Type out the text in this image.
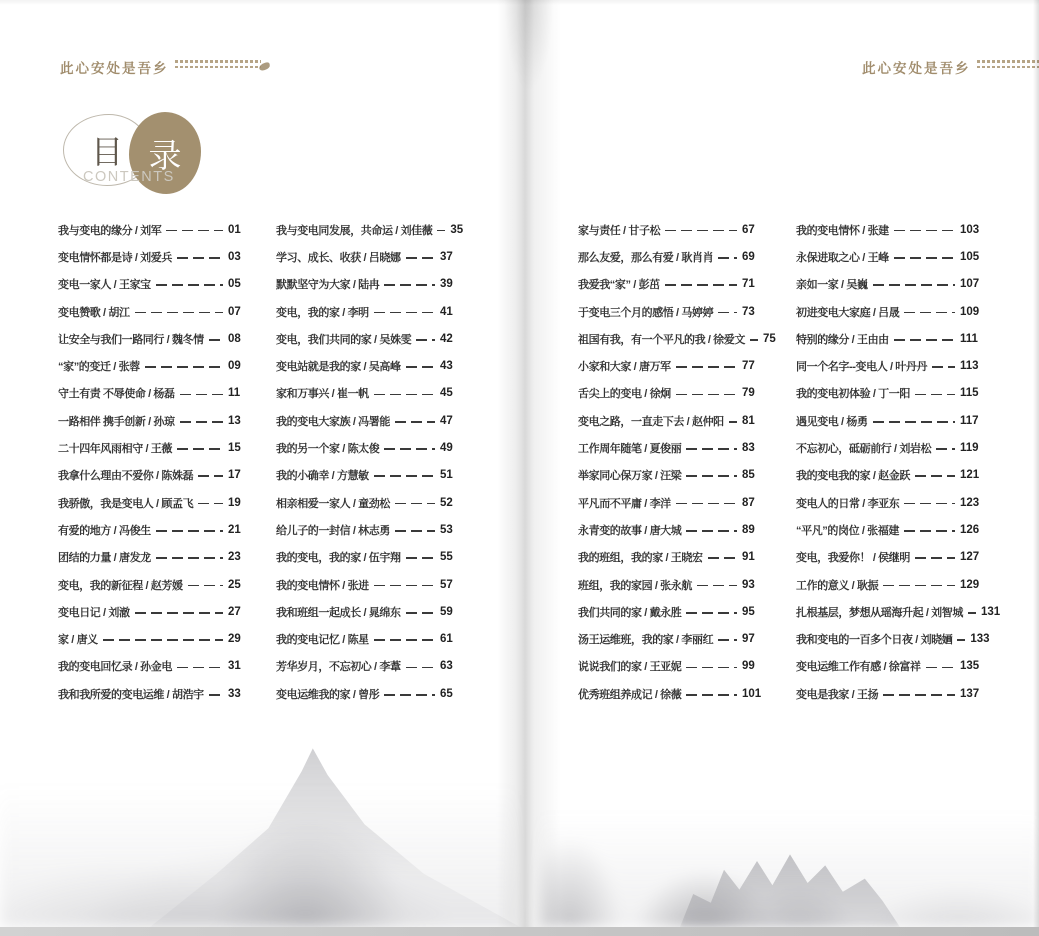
此心安处是吾乡	此心安处是吾乡
目 录
CONTENTS
我与变电的缘分 / 刘军	01
变电情怀都是诗 / 刘爱兵	03
变电一家人 / 王家宝	05
变电赞歌 / 胡江	07
让安全与我们一路同行 / 魏冬情 08
“家”的变迁 / 张蓉	09
守土有责 不辱使命 / 杨磊	11
一路相伴 携手创新 / 孙琼	13
二十四年风雨相守 / 王薇	15
我拿什么理由不爱你 / 陈姝磊	17
我骄傲，我是变电人 / 顾孟飞	19
有爱的地方 / 冯俊生	21
团结的力量 / 唐发龙	23
变电，我的新征程 / 赵芳媛	25
变电日记 / 刘澈	27
家 / 唐义	29
我的变电回忆录 / 孙金电	31
我和我所爱的变电运维 / 胡浩宇 33
我与变电同发展，共命运 / 刘佳薇 35
学习、成长、收获 / 吕晓娜	37
默默坚守为大家 / 陆冉	39
变电，我的家 / 李明	41
变电，我们共同的家 / 吴姝雯	42
变电站就是我的家 / 吴高峰	43
家和万事兴 / 崔一帆	45
我的变电大家族 / 冯署能	47
我的另一个家 / 陈太俊	49
我的小确幸 / 方慧敏	51
相亲相爱一家人 / 童劲松	52
给儿子的一封信 / 林志勇	53
我的变电，我的家 / 伍宇翔	55
我的变电情怀 / 张进	57
我和班组一起成长 / 晁绵东	59
我的变电记忆 / 陈星	61
芳华岁月，不忘初心 / 李葦	63
变电运维我的家 / 曾彤	65
家与责任 / 甘子松	67
那么友爱，那么有爱 / 耿肖肖	69
我爱我“家” / 彭茁	71
于变电三个月的感悟 / 马婷婷	73
祖国有我，有一个平凡的我 / 徐爱文 75
小家和大家 / 唐万军	77
舌尖上的变电 / 徐炯	79
变电之路，一直走下去 / 赵仲阳 81
工作周年随笔 / 夏俊丽	83
举家同心保万家 / 汪梁	85
平凡而不平庸 / 李洋	87
永青变的故事 / 唐大城	89
我的班组，我的家 / 王晓宏	91
班组，我的家园 / 张永航	93
我们共同的家 / 戴永胜	95
汤王运维班，我的家 / 李丽红	97
说说我们的家 / 王亚妮	99
优秀班组养成记 / 徐薇	101
我的变电情怀 / 张建	103
永保进取之心 / 王峰	105
亲如一家 / 吴巍	107
初进变电大家庭 / 吕晟	109
特别的缘分 / 王由由	111
同一个名字--变电人 / 叶丹丹	113
我的变电初体验 / 丁一阳	115
遇见变电 / 杨勇	117
不忘初心，砥砺前行 / 刘岩松	119
我的变电我的家 / 赵金跃	121
变电人的日常 / 李亚东	123
“平凡”的岗位 / 张福建	126
变电，我爱你！ / 侯继明	127
工作的意义 / 耿振	129
扎根基层，梦想从瑶海升起 / 刘智城 131
我和变电的一百多个日夜 / 刘晓婳 133
变电运维工作有感 / 徐富祥	135
变电是我家 / 王扬	137
